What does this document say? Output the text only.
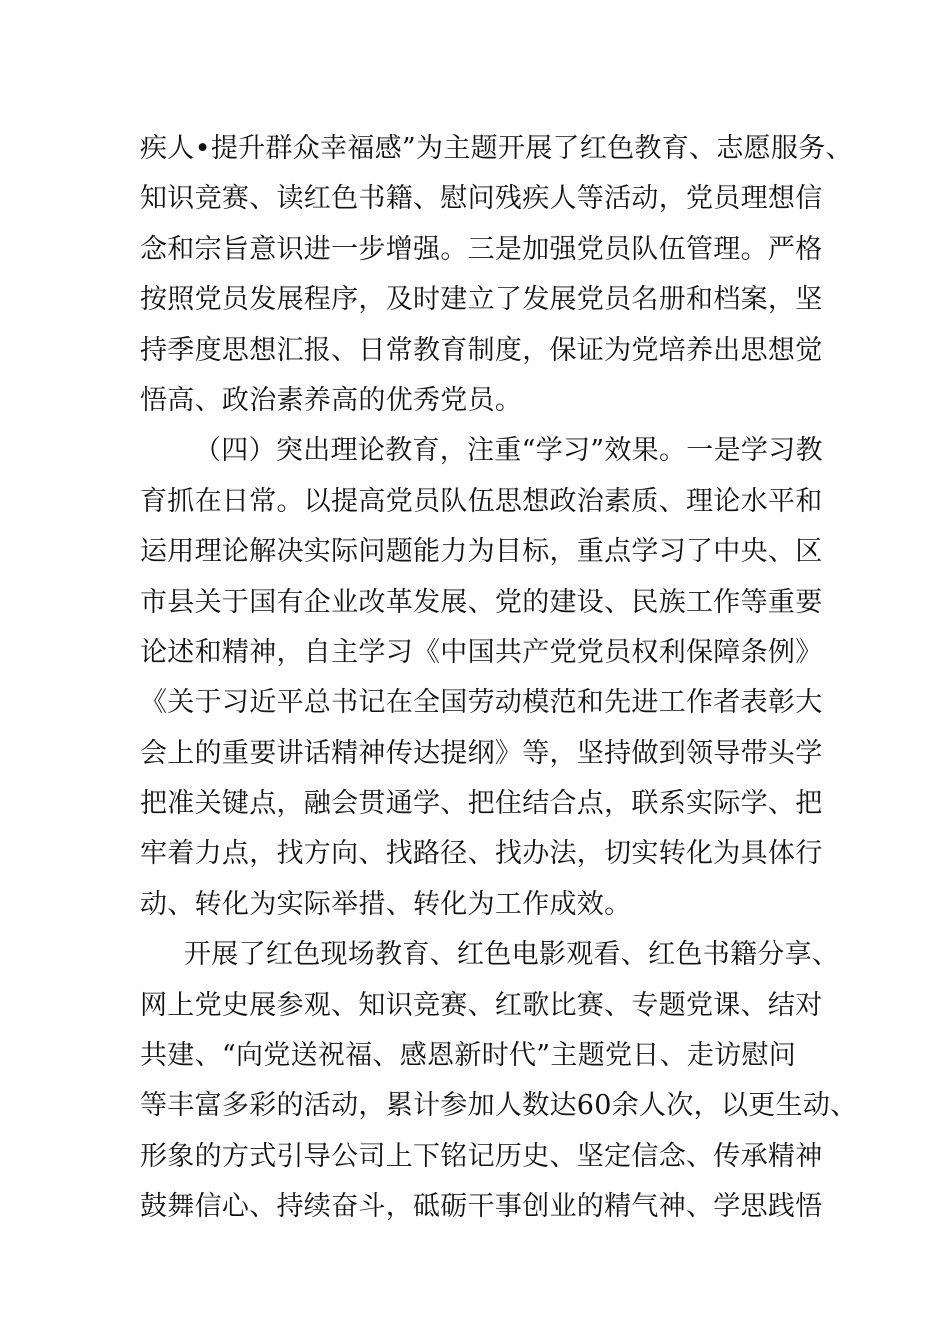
疾人•提升群众幸福感”为主题开展了红色教育、志愿服务、
知识竞赛、读红色书籍、慰问残疾人等活动，党员理想信
念和宗旨意识进一步增强。三是加强党员队伍管理。严格
按照党员发展程序，及时建立了发展党员名册和档案，坚
持季度思想汇报、日常教育制度，保证为党培养出思想觉
悟高、政治素养高的优秀党员。
（四）突出理论教育，注重“学习”效果。一是学习教
育抓在日常。以提高党员队伍思想政治素质、理论水平和
运用理论解决实际问题能力为目标，重点学习了中央、区
市县关于国有企业改革发展、党的建设、民族工作等重要
论述和精神，自主学习《中国共产党党员权利保障条例》
《关于习近平总书记在全国劳动模范和先进工作者表彰大
会上的重要讲话精神传达提纲》等，坚持做到领导带头学
把准关键点，融会贯通学、把住结合点，联系实际学、把
牢着力点，找方向、找路径、找办法，切实转化为具体行
动、转化为实际举措、转化为工作成效。
开展了红色现场教育、红色电影观看、红色书籍分享、
网上党史展参观、知识竞赛、红歌比赛、专题党课、结对
共建、“向党送祝福、感恩新时代”主题党日、走访慰问
等丰富多彩的活动，累计参加人数达60余人次，以更生动、
形象的方式引导公司上下铭记历史、坚定信念、传承精神
鼓舞信心、持续奋斗，砥砺干事创业的精气神、学思践悟
